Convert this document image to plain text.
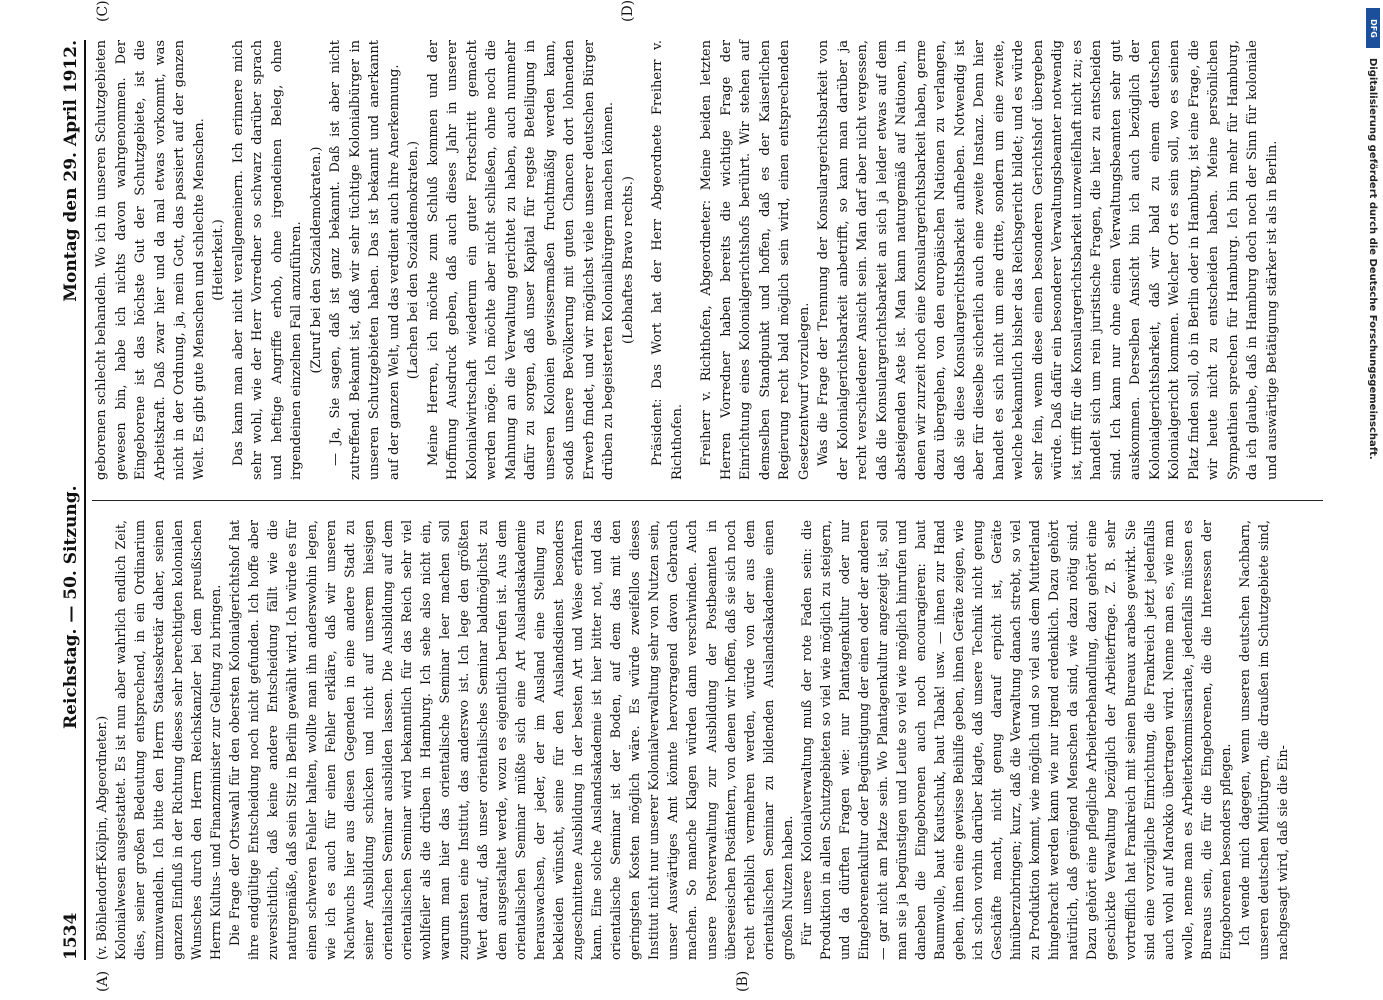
DFG
Digitalisierung gefördert durch die Deutsche Forschungsgemeinschaft.
1534
Reichstag. — 50. Sitzung.
Montag den 29. April 1912.
(A)	(B)
(C)	(D)

(v. Böhlendorff-Kölpin, Abgeordneter.) Kolonialwesen ausgestattet. Es ist nun aber wahrlich endlich Zeit, dies, seiner großen Bedeutung entsprechend, in ein Ordinarium umzuwandeln. Ich bitte den Herrn Staatssekretär daher, seinen ganzen Einfluß in der Richtung dieses sehr berechtigten kolonialen Wunsches durch den Herrn Reichskanzler bei dem preußischen Herrn Kultus- und Finanzminister zur Geltung zu bringen. Die Frage der Ortswahl für den obersten Kolonialgerichtshof hat ihre endgültige Entscheidung noch nicht gefunden. Ich hoffe aber zuversichtlich, daß keine andere Entscheidung fällt wie die naturgemäße, daß sein Sitz in Berlin gewählt wird. Ich würde es für einen schweren Fehler halten, wollte man ihn anderswohin legen, wie ich es auch für einen Fehler erkläre, daß wir unseren Nachwuchs hier aus diesen Gegenden in eine andere Stadt zu seiner Ausbildung schicken und nicht auf unserem hiesigen orientalischen Seminar ausbilden lassen. Die Ausbildung auf dem orientalischen Seminar wird bekanntlich für das Reich sehr viel wohlfeiler als die drüben in Hamburg. Ich sehe also nicht ein, warum man hier das orientalische Seminar leer machen soll zugunsten eine Institut, das anderswo ist. Ich lege den größten Wert darauf, daß unser orientalisches Seminar baldmöglichst zu dem ausgestaltet werde, wozu es eigentlich berufen ist. Aus dem orientalischen Seminar müßte sich eine Art Auslandsakademie herauswachsen, der jeder, der im Ausland eine Stellung zu bekleiden wünscht, seine für den Auslandsdienst besonders zugeschnittene Ausbildung in der besten Art und Weise erfahren kann. Eine solche Auslandsakademie ist hier bitter not, und das orientalische Seminar ist der Boden, auf dem das mit den geringsten Kosten möglich wäre. Es würde zweifellos dieses Institut nicht nur unserer Kolonialverwaltung sehr von Nutzen sein, unser Auswärtiges Amt könnte hervorragend davon Gebrauch machen. So manche Klagen würden dann verschwinden. Auch unsere Postverwaltung zur Ausbildung der Postbeamten in überseeischen Postämtern, von denen wir hoffen, daß sie sich noch recht erheblich vermehren werden, würde von der aus dem orientalischen Seminar zu bildenden Auslandsakademie einen großen Nutzen haben. Für unsere Kolonialverwaltung muß der rote Faden sein: die Produktion in allen Schutzgebieten so viel wie möglich zu steigern, und da dürften Fragen wie: nur Plantagenkultur oder nur Eingeborenenkultur oder Begünstigung der einen oder der anderen — gar nicht am Platze sein. Wo Plantagenkultur angezeigt ist, soll man sie ja begünstigen und Leute so viel wie möglich hinrufen und daneben die Eingeborenen auch noch encouragieren: baut Baumwolle, baut Kautschuk, baut Tabak! usw. — ihnen zur Hand gehen, ihnen eine gewisse Beihilfe geben, ihnen Geräte zeigen, wie ich schon vorhin darüber klagte, daß unsere Technik nicht genug Geschäfte macht, nicht genug darauf erpicht ist, Geräte hinüberzubringen; kurz, daß die Verwaltung danach strebt, so viel zu Produktion kommt, wie möglich und so viel aus dem Mutterland hingebracht werden kann wie nur irgend erdenklich. Dazu gehört natürlich, daß genügend Menschen da sind, wie dazu nötig sind. Dazu gehört eine pflegliche Arbeiterbehandlung, dazu gehört eine geschickte Verwaltung bezüglich der Arbeiterfrage. Z. B. sehr vortrefflich hat Frankreich mit seinen Bureaux arabes gewirkt. Sie sind eine vorzügliche Einrichtung, die Frankreich jetzt jedenfalls auch wohl auf Marokko übertragen wird. Nenne man es, wie man wolle, nenne man es Arbeiterkommissariate, jedenfalls müssen es Bureaus sein, die für die Eingeborenen, die die Interessen der Eingeborenen besonders pflegen. Ich wende mich dagegen, wenn unseren deutschen Nachbarn, unseren deutschen Mitbürgern, die draußen im Schutzgebiete sind, nachgesagt wird, daß sie die Ein-

geborenen schlecht behandeln. Wo ich in unseren Schutzgebieten gewesen bin, habe ich nichts davon wahrgenommen. Der Eingeborene ist das höchste Gut der Schutzgebiete, ist die Arbeitskraft. Daß zwar hier und da mal etwas vorkommt, was nicht in der Ordnung, ja, mein Gott, das passiert auf der ganzen Welt. Es gibt gute Menschen und schlechte Menschen. (Heiterkeit.) Das kann man aber nicht verallgemeinern. Ich erinnere mich sehr wohl, wie der Herr Vorredner so schwarz darüber sprach und heftige Angriffe erhob, ohne irgendeinen Beleg, ohne irgendeinen einzelnen Fall anzuführen. (Zuruf bei den Sozialdemokraten.) — Ja, Sie sagen, daß ist ganz bekannt. Daß ist aber nicht zutreffend. Bekannt ist, daß wir sehr tüchtige Kolonialbürger in unseren Schutzgebieten haben. Das ist bekannt und anerkannt auf der ganzen Welt, und das verdient auch ihre Anerkennung. (Lachen bei den Sozialdemokraten.) Meine Herren, ich möchte zum Schluß kommen und der Hoffnung Ausdruck geben, daß auch dieses Jahr in unserer Kolonialwirtschaft wiederum ein guter Fortschritt gemacht werden möge. Ich möchte aber nicht schließen, ohne noch die Mahnung an die Verwaltung gerichtet zu haben, auch nunmehr dafür zu sorgen, daß unser Kapital für regste Beteiligung in unseren Kolonien gewissermaßen fruchtmäßig werden kann, sodaß unsere Bevölkerung mit guten Chancen dort lohnenden Erwerb findet, und wir möglichst viele unserer deutschen Bürger drüben zu begeisterten Kolonialbürgern machen können. (Lebhaftes Bravo rechts.) Präsident: Das Wort hat der Herr Abgeordnete Freiherr v. Richthofen. Freiherr v. Richthofen, Abgeordneter: Meine beiden letzten Herren Vorredner haben bereits die wichtige Frage der Einrichtung eines Kolonialgerichtshofs berührt. Wir stehen auf demselben Standpunkt und hoffen, daß es der Kaiserlichen Regierung recht bald möglich sein wird, einen entsprechenden Gesetzentwurf vorzulegen. Was die Frage der Trennung der Konsulargerichtsbarkeit von der Kolonialgerichtsbarkeit anbetrifft, so kann man darüber ja recht verschiedener Ansicht sein. Man darf aber nicht vergessen, daß die Konsulargerichtsbarkeit an sich ja leider etwas auf dem absteigenden Aste ist. Man kann naturgemäß auf Nationen, in denen wir zurzeit noch eine Konsulargerichtsbarkeit haben, gerne dazu übergehen, von den europäischen Nationen zu verlangen, daß sie diese Konsulargerichtsbarkeit aufheben. Notwendig ist aber für dieselbe sicherlich auch eine zweite Instanz. Denn hier handelt es sich nicht um eine dritte, sondern um eine zweite, welche bekanntlich bisher das Reichsgericht bildet; und es würde sehr fein, wenn diese einen besonderen Gerichtshof übergeben würde. Daß dafür ein besonderer Verwaltungsbeamter notwendig ist, trifft für die Konsulargerichtsbarkeit unzweifelhaft nicht zu; es handelt sich um rein juristische Fragen, die hier zu entscheiden sind. Ich kann nur ohne einen Verwaltungsbeamten sehr gut auskommen. Derselben Ansicht bin ich auch bezüglich der Kolonialgerichtsbarkeit, daß wir bald zu einem deutschen Kolonialgericht kommen. Welcher Ort es sein soll, wo es seinen Platz finden soll, ob in Berlin oder in Hamburg, ist eine Frage, die wir heute nicht zu entscheiden haben. Meine persönlichen Sympathien sprechen für Hamburg. Ich bin mehr für Hamburg, da ich glaube, daß in Hamburg doch noch der Sinn für koloniale und auswärtige Betätigung stärker ist als in Berlin.
